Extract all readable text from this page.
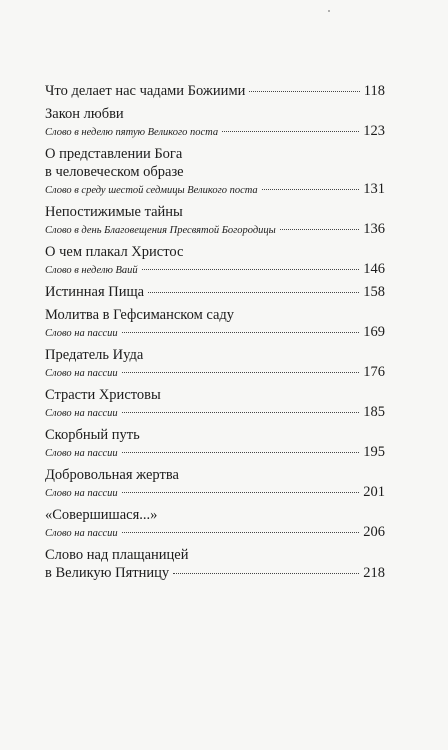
Что делает нас чадами Божиими	118
Закон любви
Слово в неделю пятую Великого поста	123
О представлении Бога
в человеческом образе
Слово в среду шестой седмицы Великого поста	131
Непостижимые тайны
Слово в день Благовещения Пресвятой Богородицы	136
О чем плакал Христос
Слово в неделю Ваий	146
Истинная Пища	158
Молитва в Гефсиманском саду
Слово на пассии	169
Предатель Иуда
Слово на пассии	176
Страсти Христовы
Слово на пассии	185
Скорбный путь
Слово на пассии	195
Добровольная жертва
Слово на пассии	201
«Совершишася...»
Слово на пассии	206
Слово над плащаницей
в Великую Пятницу	218
